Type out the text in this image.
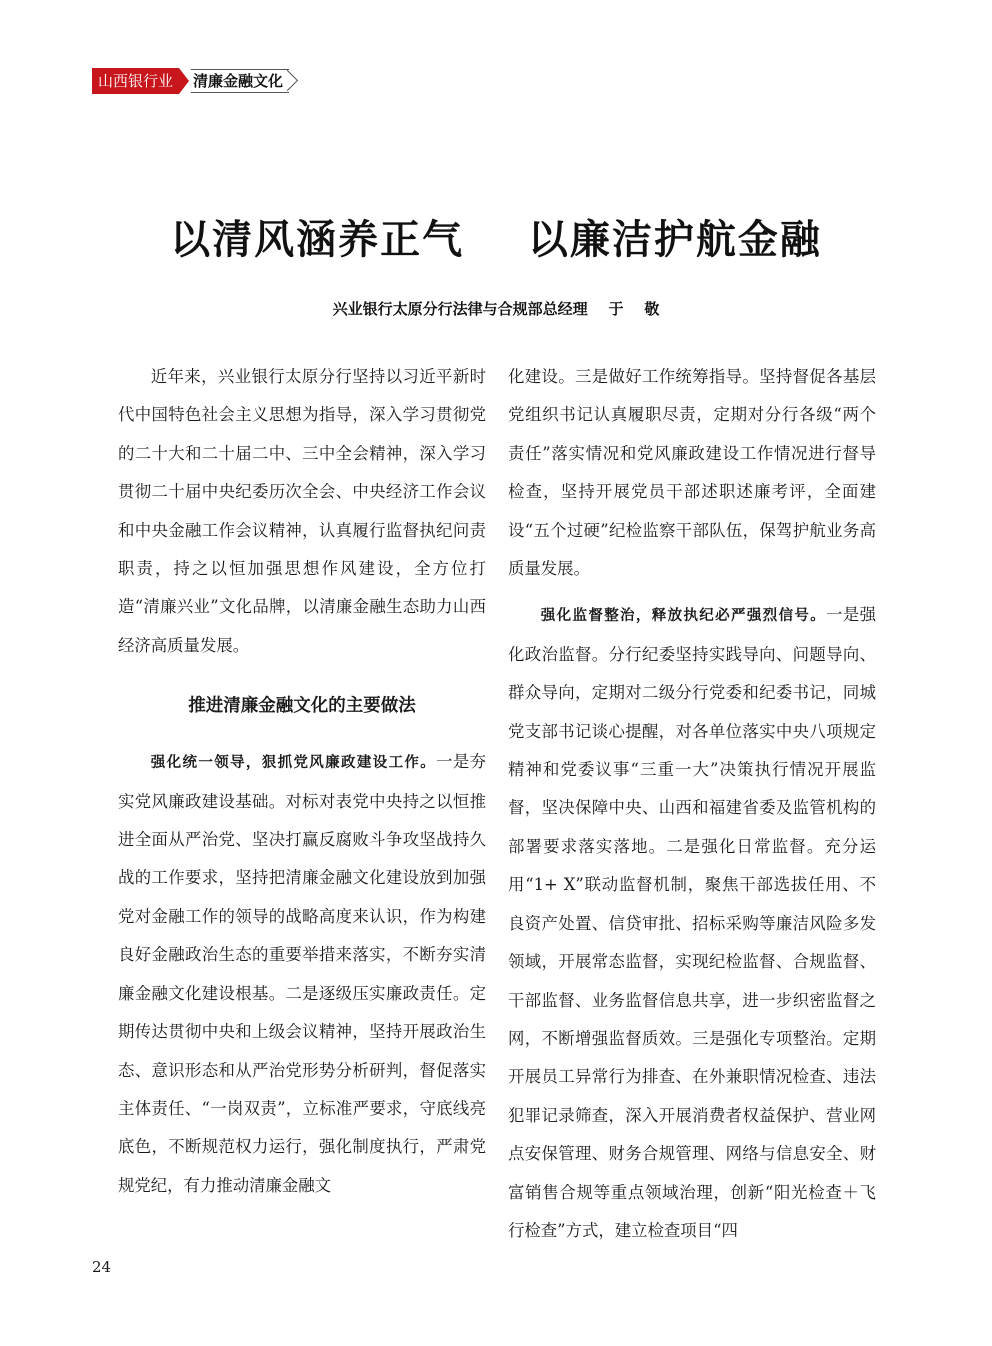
山西银行业	清廉金融文化
以清风涵养正气    以廉洁护航金融
兴业银行太原分行法律与合规部总经理    于    敬

近年来，兴业银行太原分行坚持以习近平新时代中国特色社会主义思想为指导，深入学习贯彻党的二十大和二十届二中、三中全会精神，深入学习贯彻二十届中央纪委历次全会、中央经济工作会议和中央金融工作会议精神，认真履行监督执纪问责职责，持之以恒加强思想作风建设，全方位打造“清廉兴业”文化品牌，以清廉金融生态助力山西经济高质量发展。

推进清廉金融文化的主要做法

强化统一领导，狠抓党风廉政建设工作。一是夯实党风廉政建设基础。对标对表党中央持之以恒推进全面从严治党、坚决打赢反腐败斗争攻坚战持久战的工作要求，坚持把清廉金融文化建设放到加强党对金融工作的领导的战略高度来认识，作为构建良好金融政治生态的重要举措来落实，不断夯实清廉金融文化建设根基。二是逐级压实廉政责任。定期传达贯彻中央和上级会议精神，坚持开展政治生态、意识形态和从严治党形势分析研判，督促落实主体责任、“一岗双责”，立标准严要求，守底线亮底色，不断规范权力运行，强化制度执行，严肃党规党纪，有力推动清廉金融文

化建设。三是做好工作统筹指导。坚持督促各基层党组织书记认真履职尽责，定期对分行各级“两个责任”落实情况和党风廉政建设工作情况进行督导检查，坚持开展党员干部述职述廉考评，全面建设“五个过硬”纪检监察干部队伍，保驾护航业务高质量发展。

强化监督整治，释放执纪必严强烈信号。一是强化政治监督。分行纪委坚持实践导向、问题导向、群众导向，定期对二级分行党委和纪委书记，同城党支部书记谈心提醒，对各单位落实中央八项规定精神和党委议事“三重一大”决策执行情况开展监督，坚决保障中央、山西和福建省委及监管机构的部署要求落实落地。二是强化日常监督。充分运用“1+ X”联动监督机制，聚焦干部选拔任用、不良资产处置、信贷审批、招标采购等廉洁风险多发领域，开展常态监督，实现纪检监督、合规监督、干部监督、业务监督信息共享，进一步织密监督之网，不断增强监督质效。三是强化专项整治。定期开展员工异常行为排查、在外兼职情况检查、违法犯罪记录筛查，深入开展消费者权益保护、营业网点安保管理、财务合规管理、网络与信息安全、财富销售合规等重点领域治理，创新“阳光检查＋飞行检查”方式，建立检查项目“四

24
